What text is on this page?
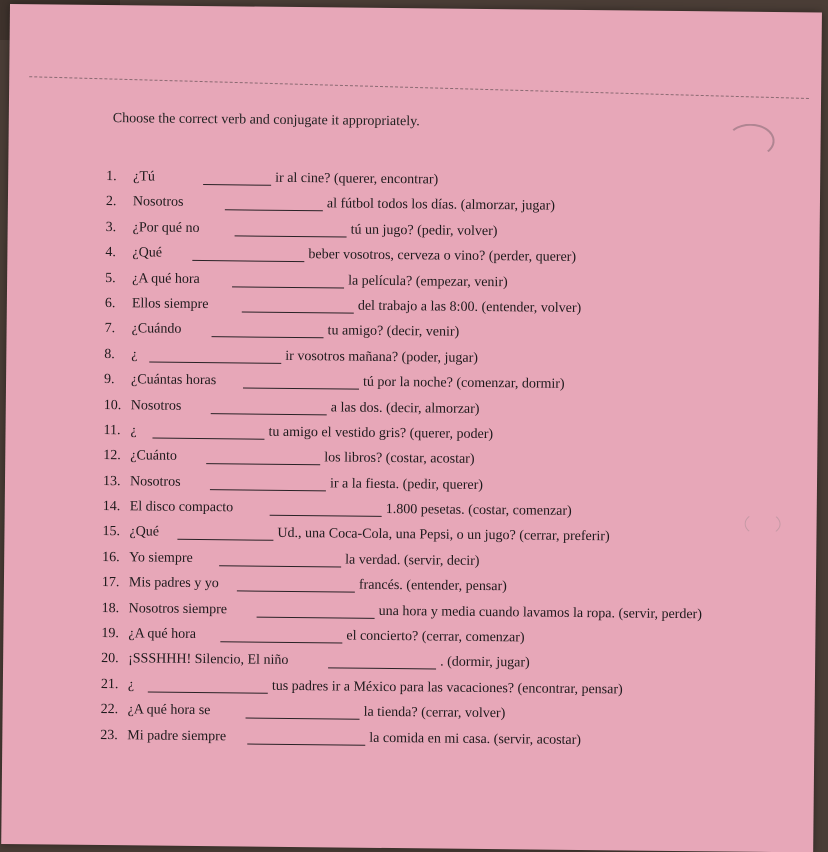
Choose the correct verb and conjugate it appropriately.
1. ¿Tú	ir al cine? (querer, encontrar)
2. Nosotros	al fútbol todos los días. (almorzar, jugar)
3. ¿Por qué no	tú un jugo? (pedir, volver)
4. ¿Qué	beber vosotros, cerveza o vino? (perder, querer)
5. ¿A qué hora	la película? (empezar, venir)
6. Ellos siempre	del trabajo a las 8:00. (entender, volver)
7. ¿Cuándo	tu amigo? (decir, venir)
8. ¿	ir vosotros mañana? (poder, jugar)
9. ¿Cuántas horas	tú por la noche? (comenzar, dormir)
10. Nosotros	a las dos. (decir, almorzar)
11. ¿	tu amigo el vestido gris? (querer, poder)
12. ¿Cuánto	los libros? (costar, acostar)
13. Nosotros	ir a la fiesta. (pedir, querer)
14. El disco compacto	1.800 pesetas. (costar, comenzar)
15. ¿Qué	Ud., una Coca-Cola, una Pepsi, o un jugo? (cerrar, preferir)
16. Yo siempre	la verdad. (servir, decir)
17. Mis padres y yo	francés. (entender, pensar)
18. Nosotros siempre	una hora y media cuando lavamos la ropa. (servir, perder)
19. ¿A qué hora	el concierto? (cerrar, comenzar)
20. ¡SSSHHH! Silencio, El niño	. (dormir, jugar)
21. ¿	tus padres ir a México para las vacaciones? (encontrar, pensar)
22. ¿A qué hora se	la tienda? (cerrar, volver)
23. Mi padre siempre	la comida en mi casa. (servir, acostar)
